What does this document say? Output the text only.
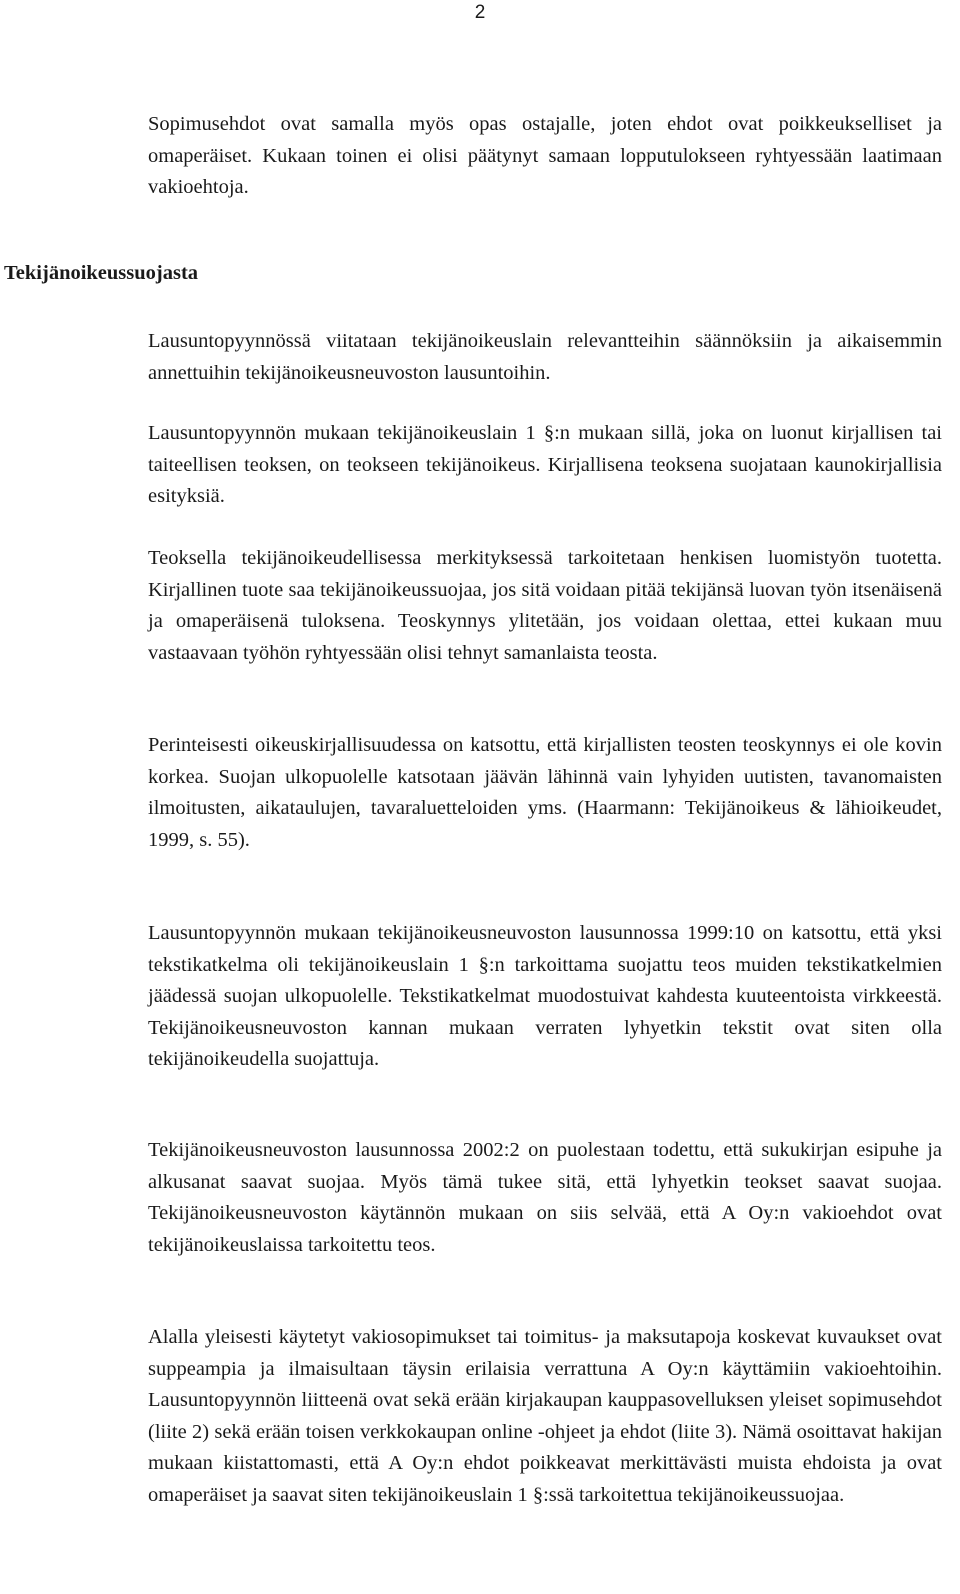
2

Sopimusehdot ovat samalla myös opas ostajalle, joten ehdot ovat poikkeukselliset ja omaperäiset. Kukaan toinen ei olisi päätynyt samaan lopputulokseen ryhtyessään laatimaan vakioehtoja.

Tekijänoikeussuojasta

Lausuntopyynnössä viitataan tekijänoikeuslain relevantteihin säännöksiin ja aikaisemmin annettuihin tekijänoikeusneuvoston lausuntoihin.

Lausuntopyynnön mukaan tekijänoikeuslain 1 §:n mukaan sillä, joka on luonut kirjallisen tai taiteellisen teoksen, on teokseen tekijänoikeus. Kirjallisena teoksena suojataan kaunokirjallisia esityksiä.

Teoksella tekijänoikeudellisessa merkityksessä tarkoitetaan henkisen luomistyön tuotetta. Kirjallinen tuote saa tekijänoikeussuojaa, jos sitä voidaan pitää tekijänsä luovan työn itsenäisenä ja omaperäisenä tuloksena. Teoskynnys ylitetään, jos voidaan olettaa, ettei kukaan muu vastaavaan työhön ryhtyessään olisi tehnyt samanlaista teosta.

Perinteisesti oikeuskirjallisuudessa on katsottu, että kirjallisten teosten teoskynnys ei ole kovin korkea. Suojan ulkopuolelle katsotaan jäävän lähinnä vain lyhyiden uutisten, tavanomaisten ilmoitusten, aikataulujen, tavaraluetteloiden yms. (Haarmann: Tekijänoikeus & lähioikeudet, 1999, s. 55).

Lausuntopyynnön mukaan tekijänoikeusneuvoston lausunnossa 1999:10 on katsottu, että yksi tekstikatkelma oli tekijänoikeuslain 1 §:n tarkoittama suojattu teos muiden tekstikatkelmien jäädessä suojan ulkopuolelle. Tekstikatkelmat muodostuivat kahdesta kuuteentoista virkkeestä. Tekijänoikeusneuvoston kannan mukaan verraten lyhyetkin tekstit ovat siten olla tekijänoikeudella suojattuja.

Tekijänoikeusneuvoston lausunnossa 2002:2 on puolestaan todettu, että sukukirjan esipuhe ja alkusanat saavat suojaa. Myös tämä tukee sitä, että lyhyetkin teokset saavat suojaa. Tekijänoikeusneuvoston käytännön mukaan on siis selvää, että A Oy:n vakioehdot ovat tekijänoikeuslaissa tarkoitettu teos.

Alalla yleisesti käytetyt vakiosopimukset tai toimitus- ja maksutapoja koskevat kuvaukset ovat suppeampia ja ilmaisultaan täysin erilaisia verrattuna A Oy:n käyttämiin vakioehtoihin. Lausuntopyynnön liitteenä ovat sekä erään kirjakaupan kauppasovelluksen yleiset sopimusehdot (liite 2) sekä erään toisen verkkokaupan online -ohjeet ja ehdot (liite 3). Nämä osoittavat hakijan mukaan kiistattomasti, että A Oy:n ehdot poikkeavat merkittävästi muista ehdoista ja ovat omaperäiset ja saavat siten tekijänoikeuslain 1 §:ssä tarkoitettua tekijänoikeussuojaa.
